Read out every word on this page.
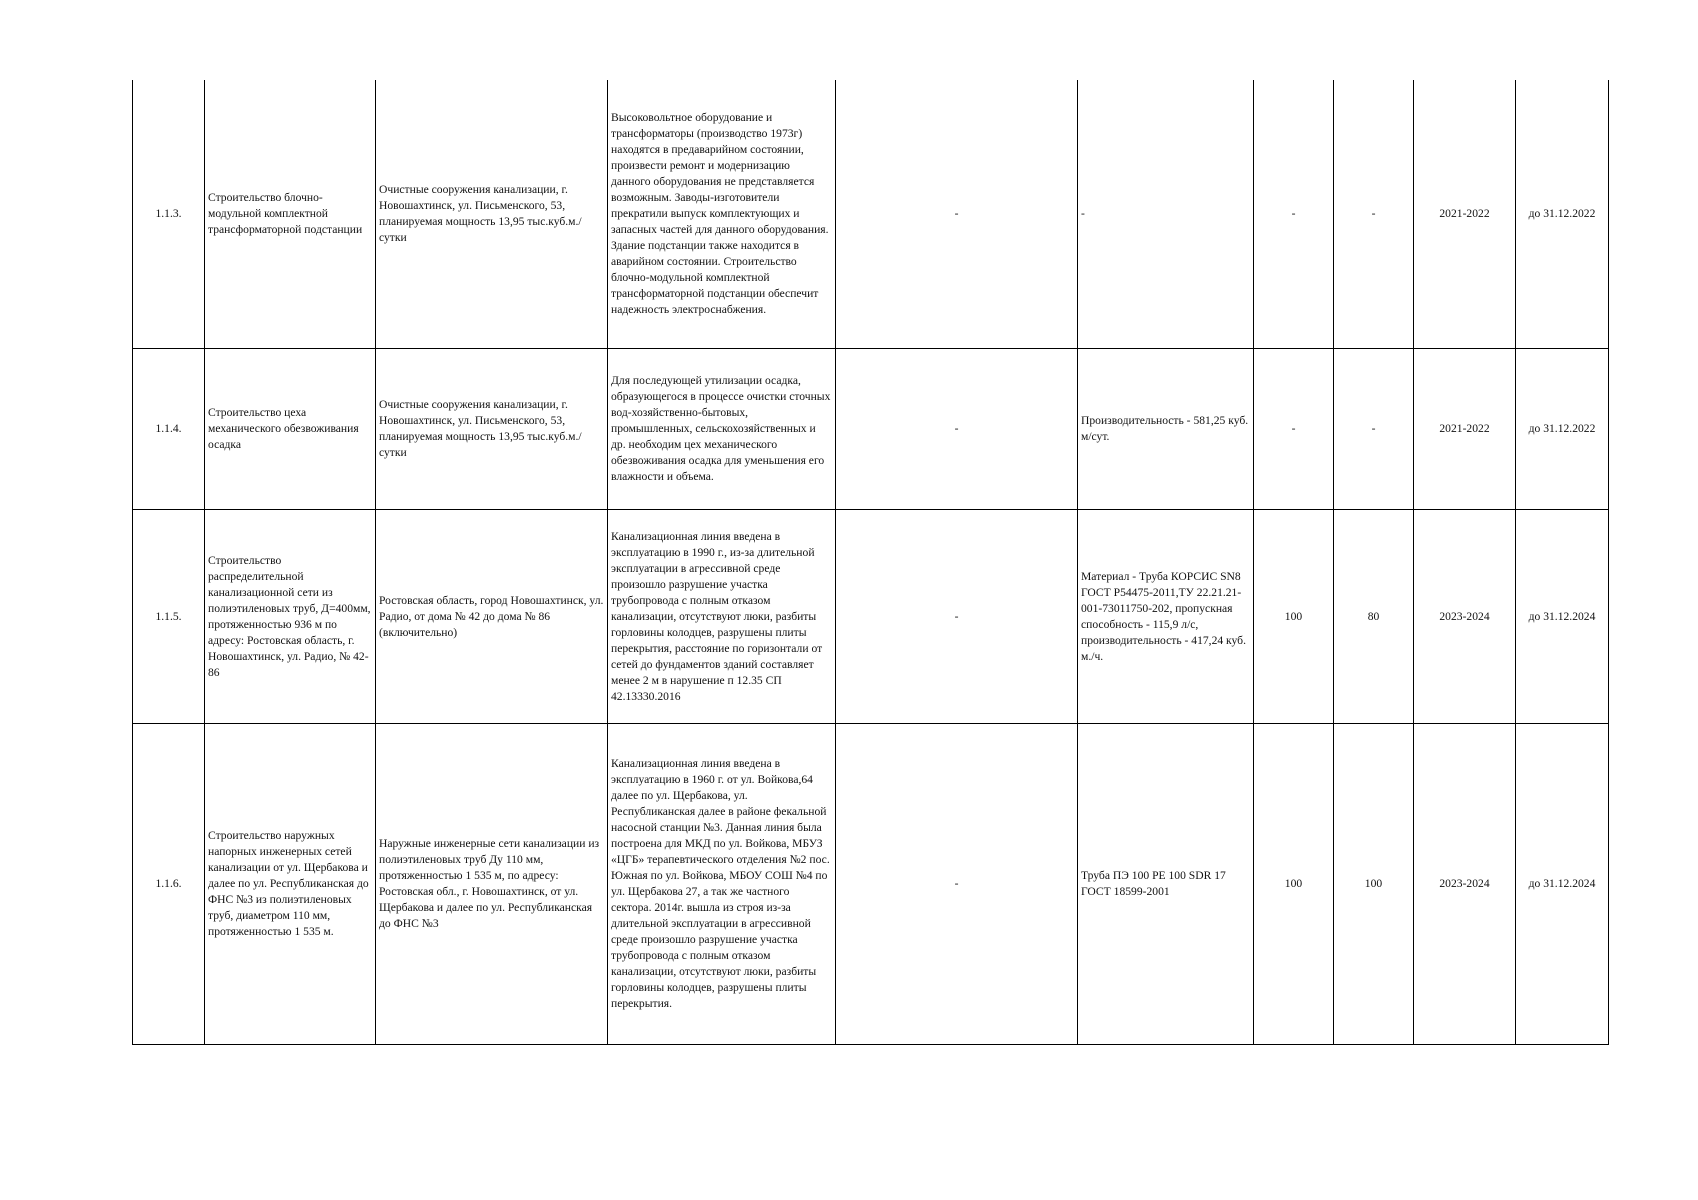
1.1.3.	Строительство блочно-модульной комплектной трансформаторной подстанции	Очистные сооружения канализации, г. Новошахтинск, ул. Письменского, 53, планируемая мощность 13,95 тыс.куб.м./сутки	Высоковольтное оборудование и трансформаторы (производство 1973г) находятся в предаварийном состоянии, произвести ремонт и модернизацию данного оборудования не представляется возможным. Заводы-изготовители прекратили выпуск комплектующих и запасных частей для данного оборудования. Здание подстанции также находится в аварийном состоянии. Строительство блочно-модульной комплектной трансформаторной подстанции обеспечит надежность электроснабжения.	-	-	-	-	2021-2022	до 31.12.2022
1.1.4.	Строительство цеха механического обезвоживания осадка	Очистные сооружения канализации, г. Новошахтинск, ул. Письменского, 53, планируемая мощность 13,95 тыс.куб.м./сутки	Для последующей утилизации осадка, образующегося в процессе очистки сточных вод-хозяйственно-бытовых, промышленных, сельскохозяйственных и др. необходим цех механического обезвоживания осадка для уменьшения его влажности и объема.	-	Производительность - 581,25 куб. м/сут.	-	-	2021-2022	до 31.12.2022
1.1.5.	Строительство распределительной канализационной сети из полиэтиленовых труб, Д=400мм, протяженностью 936 м по адресу: Ростовская область, г. Новошахтинск, ул. Радио, № 42-86	Ростовская область, город Новошахтинск, ул. Радио, от дома № 42 до дома № 86 (включительно)	Канализационная линия введена в эксплуатацию в 1990 г., из-за длительной эксплуатации в агрессивной среде произошло разрушение участка трубопровода с полным отказом канализации, отсутствуют люки, разбиты горловины колодцев, разрушены плиты перекрытия, расстояние по горизонтали от сетей до фундаментов зданий составляет менее 2 м в нарушение п 12.35 СП 42.13330.2016	-	Материал - Труба КОРСИС SN8 ГОСТ Р54475-2011,ТУ 22.21.21-001-73011750-202, пропускная способность - 115,9 л/с, производительность - 417,24 куб. м./ч.	100	80	2023-2024	до 31.12.2024
1.1.6.	Строительство наружных напорных инженерных сетей канализации от ул. Щербакова и далее по ул. Республиканская до ФНС №3 из полиэтиленовых труб, диаметром 110 мм, протяженностью 1 535 м.	Наружные инженерные сети канализации из полиэтиленовых труб Ду 110 мм, протяженностью 1 535 м, по адресу: Ростовская обл., г. Новошахтинск, от ул. Щербакова и далее по ул. Республиканская до ФНС №3	Канализационная линия введена в эксплуатацию в 1960 г. от ул. Войкова,64 далее по ул. Щербакова, ул. Республиканская далее в районе фекальной насосной станции №3. Данная линия была построена для МКД по ул. Войкова, МБУЗ «ЦГБ» терапевтического отделения №2 пос. Южная по ул. Войкова, МБОУ СОШ №4 по ул. Щербакова 27, а так же частного сектора. 2014г. вышла из строя из-за длительной эксплуатации в агрессивной среде произошло разрушение участка трубопровода с полным отказом канализации, отсутствуют люки, разбиты горловины колодцев, разрушены плиты перекрытия.	-	Труба ПЭ 100 РЕ 100 SDR 17 ГОСТ 18599-2001	100	100	2023-2024	до 31.12.2024
